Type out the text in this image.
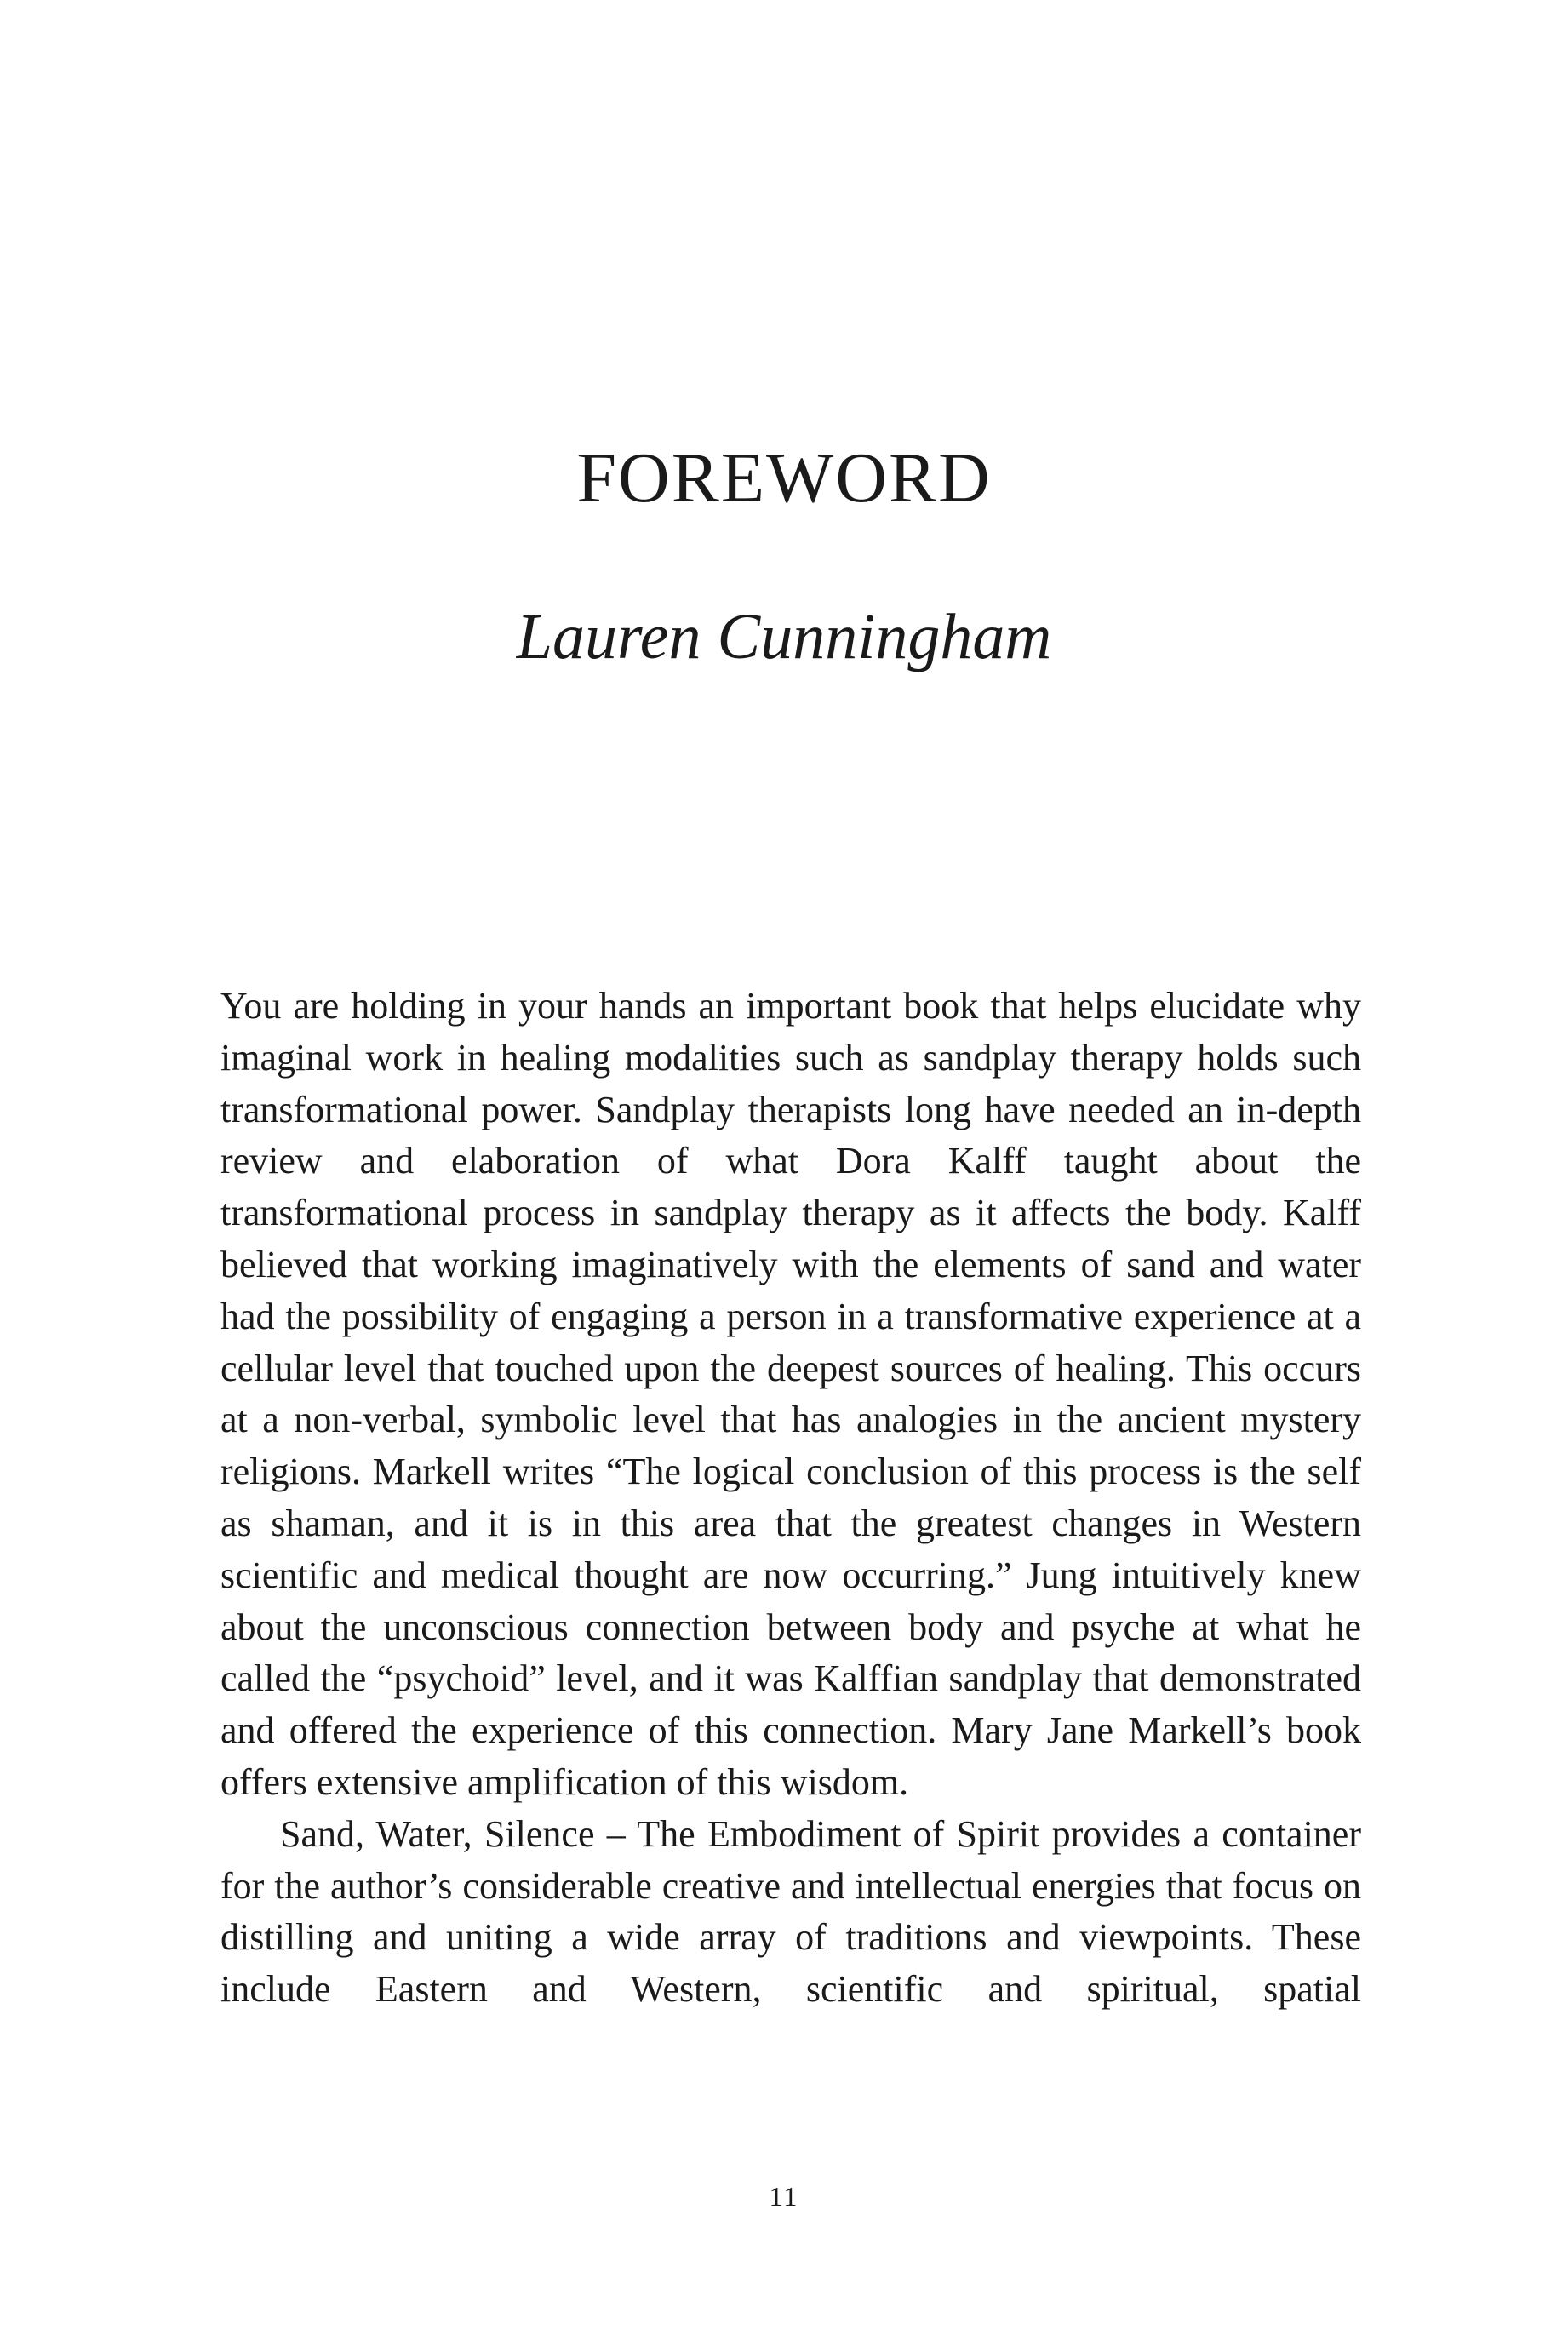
FOREWORD
Lauren Cunningham

You are holding in your hands an important book that helps elucidate why imaginal work in healing modalities such as sandplay therapy holds such transformational power. Sandplay therapists long have needed an in-depth review and elaboration of what Dora Kalff taught about the transformational process in sandplay therapy as it affects the body. Kalff believed that working imaginatively with the elements of sand and water had the possibility of engaging a person in a transformative experience at a cellular level that touched upon the deepest sources of healing. This occurs at a non-verbal, symbolic level that has analogies in the ancient mystery religions. Markell writes “The logical conclusion of this process is the self as shaman, and it is in this area that the greatest changes in Western scientific and medical thought are now occurring.” Jung intuitively knew about the unconscious connection between body and psyche at what he called the “psychoid” level, and it was Kalffian sandplay that demonstrated and offered the experience of this connection. Mary Jane Markell’s book offers extensive amplification of this wisdom.

Sand, Water, Silence – The Embodiment of Spirit provides a container for the author’s considerable creative and intellectual energies that focus on distilling and uniting a wide array of traditions and viewpoints. These include Eastern and Western, scientific and spiritual, spatial

11
